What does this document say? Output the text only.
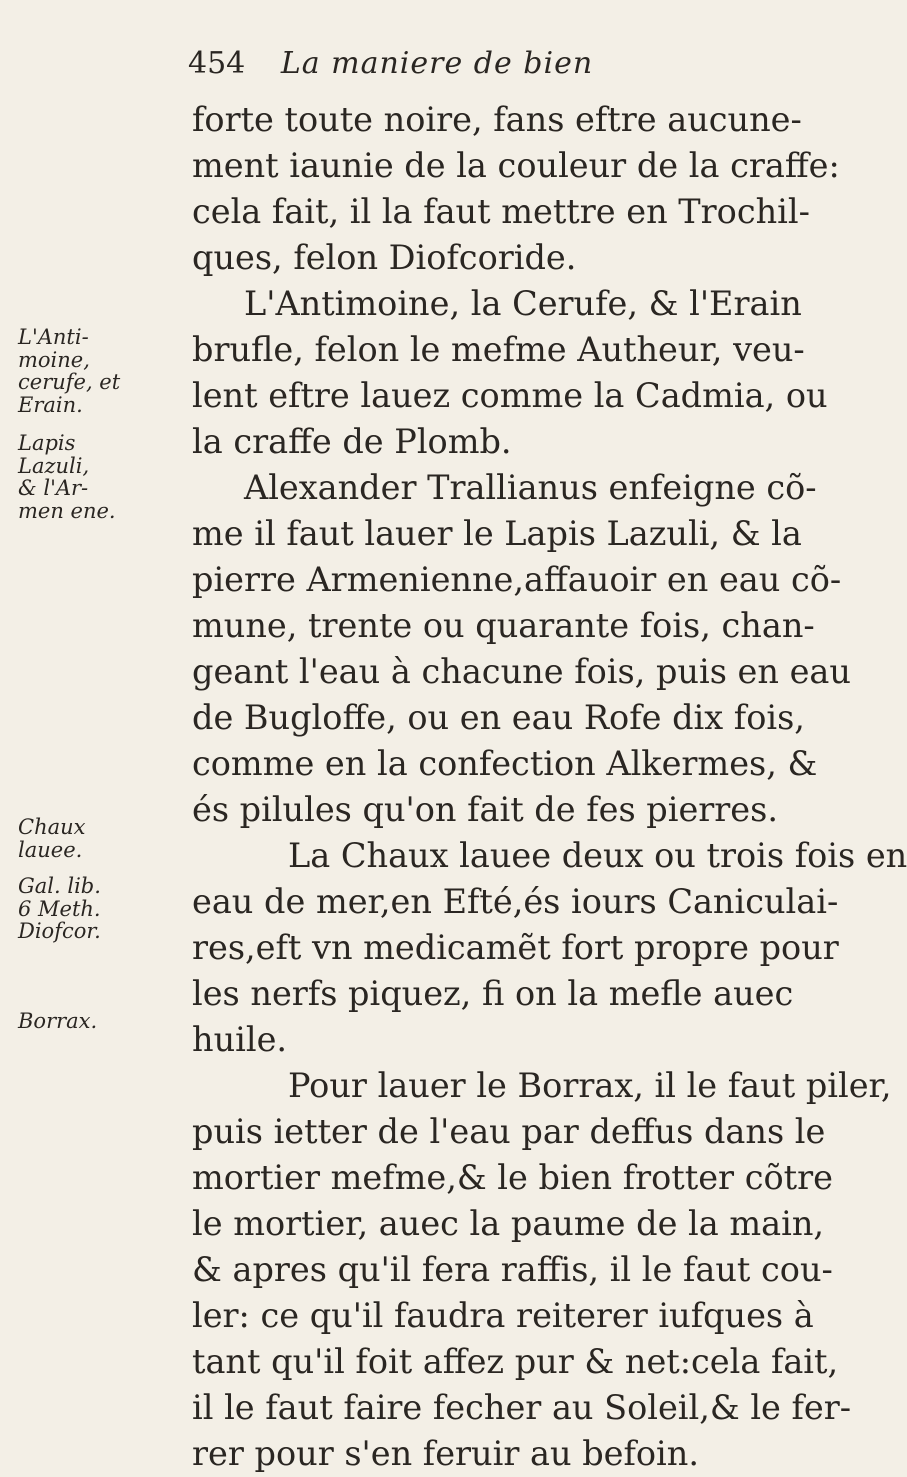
454 La maniere de bien
forte toute noire, fans eftre aucune-
ment iaunie de la couleur de la craffe:
cela fait, il la faut mettre en Trochil-
ques, felon Diofcoride.
L'Antimoine, la Cerufe, & l'Erain
brufle, felon le mefme Autheur, veu-
lent eftre lauez comme la Cadmia, ou
la craffe de Plomb.
Alexander Trallianus enfeigne cõ-
me il faut lauer le Lapis Lazuli, & la
pierre Armenienne,affauoir en eau cõ-
mune, trente ou quarante fois, chan-
geant l'eau à chacune fois, puis en eau
de Bugloffe, ou en eau Rofe dix fois,
comme en la confection Alkermes, &
és pilules qu'on fait de fes pierres.
La Chaux lauee deux ou trois fois en
eau de mer,en Efté,és iours Caniculai-
res,eft vn medicamẽt fort propre pour
les nerfs piquez, fi on la mefle auec
huile.
Pour lauer le Borrax, il le faut piler,
puis ietter de l'eau par deffus dans le
mortier mefme,& le bien frotter cõtre
le mortier, auec la paume de la main,
& apres qu'il fera raffis, il le faut cou-
ler: ce qu'il faudra reiterer iufques à
tant qu'il foit affez pur & net:cela fait,
il le faut faire fecher au Soleil,& le fer-
rer pour s'en feruir au befoin.
L'Anti-
moine,
cerufe, et
Erain.
Lapis
Lazuli,
& l'Ar-
men ene.
Chaux
lauee.
Gal. lib.
6 Meth.
Diofcor.
Borrax.
